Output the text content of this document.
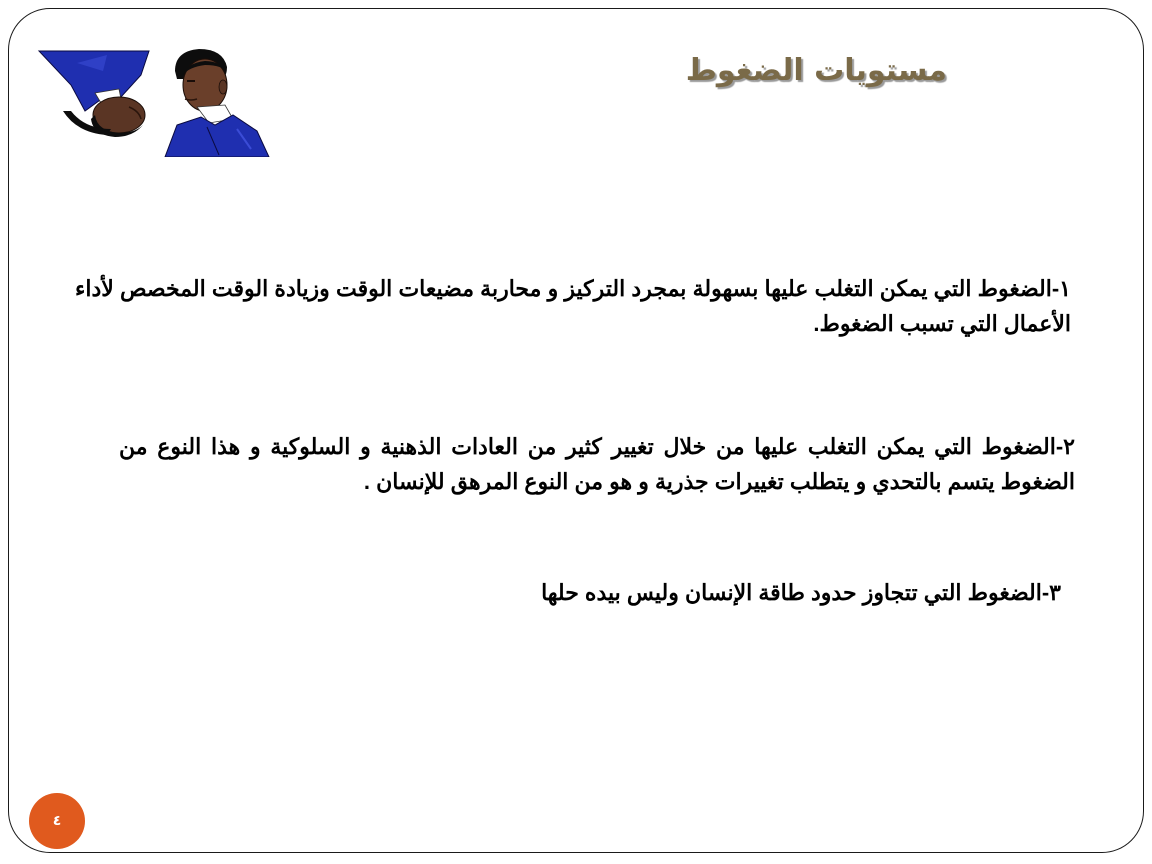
مستويات الضغوط
١-الضغوط التي يمكن التغلب عليها بسهولة بمجرد التركيز و محاربة مضيعات الوقت وزيادة الوقت المخصص لأداء الأعمال التي تسبب الضغوط.
٢-الضغوط التي يمكن التغلب عليها من خلال تغيير كثير من العادات الذهنية و السلوكية و هذا النوع من الضغوط يتسم بالتحدي و يتطلب تغييرات جذرية و هو من النوع المرهق للإنسان .
٣-الضغوط التي تتجاوز حدود طاقة الإنسان وليس بيده حلها
٤
